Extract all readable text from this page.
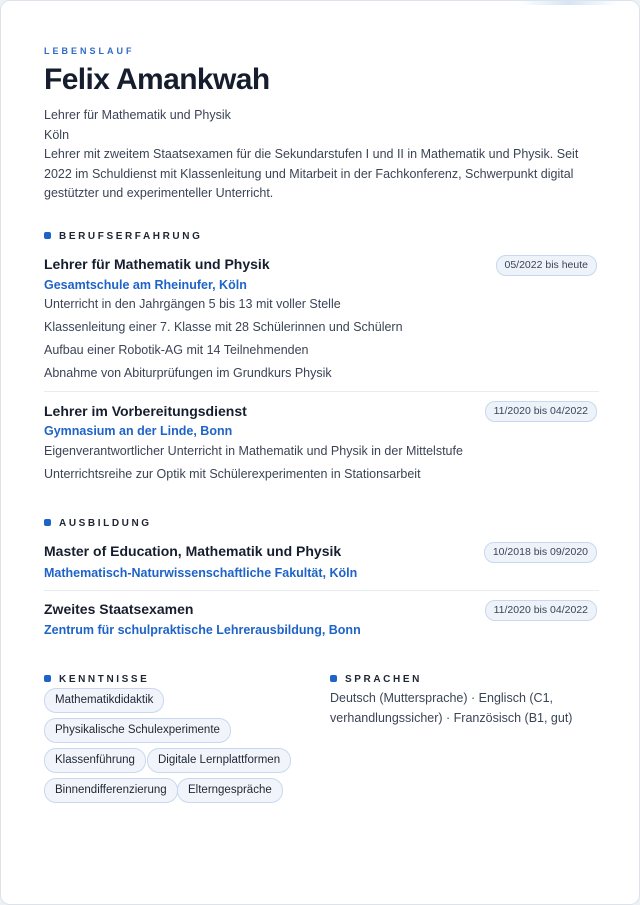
LEBENSLAUF
Felix Amankwah
Lehrer für Mathematik und Physik
Köln
Lehrer mit zweitem Staatsexamen für die Sekundarstufen I und II in Mathematik und Physik. Seit 2022 im Schuldienst mit Klassenleitung und Mitarbeit in der Fachkonferenz, Schwerpunkt digital gestützter und experimenteller Unterricht.
BERUFSERFAHRUNG
Lehrer für Mathematik und Physik	05/2022 bis heute
Gesamtschule am Rheinufer, Köln
Unterricht in den Jahrgängen 5 bis 13 mit voller Stelle
Klassenleitung einer 7. Klasse mit 28 Schülerinnen und Schülern
Aufbau einer Robotik-AG mit 14 Teilnehmenden
Abnahme von Abiturprüfungen im Grundkurs Physik
Lehrer im Vorbereitungsdienst	11/2020 bis 04/2022
Gymnasium an der Linde, Bonn
Eigenverantwortlicher Unterricht in Mathematik und Physik in der Mittelstufe
Unterrichtsreihe zur Optik mit Schülerexperimenten in Stationsarbeit
AUSBILDUNG
Master of Education, Mathematik und Physik	10/2018 bis 09/2020
Mathematisch-Naturwissenschaftliche Fakultät, Köln
Zweites Staatsexamen	11/2020 bis 04/2022
Zentrum für schulpraktische Lehrerausbildung, Bonn
KENNTNISSE
Mathematikdidaktik
Physikalische Schulexperimente
Klassenführung	Digitale Lernplattformen
Binnendifferenzierung	Elterngespräche
SPRACHEN
Deutsch (Muttersprache) · Englisch (C1, verhandlungssicher) · Französisch (B1, gut)
